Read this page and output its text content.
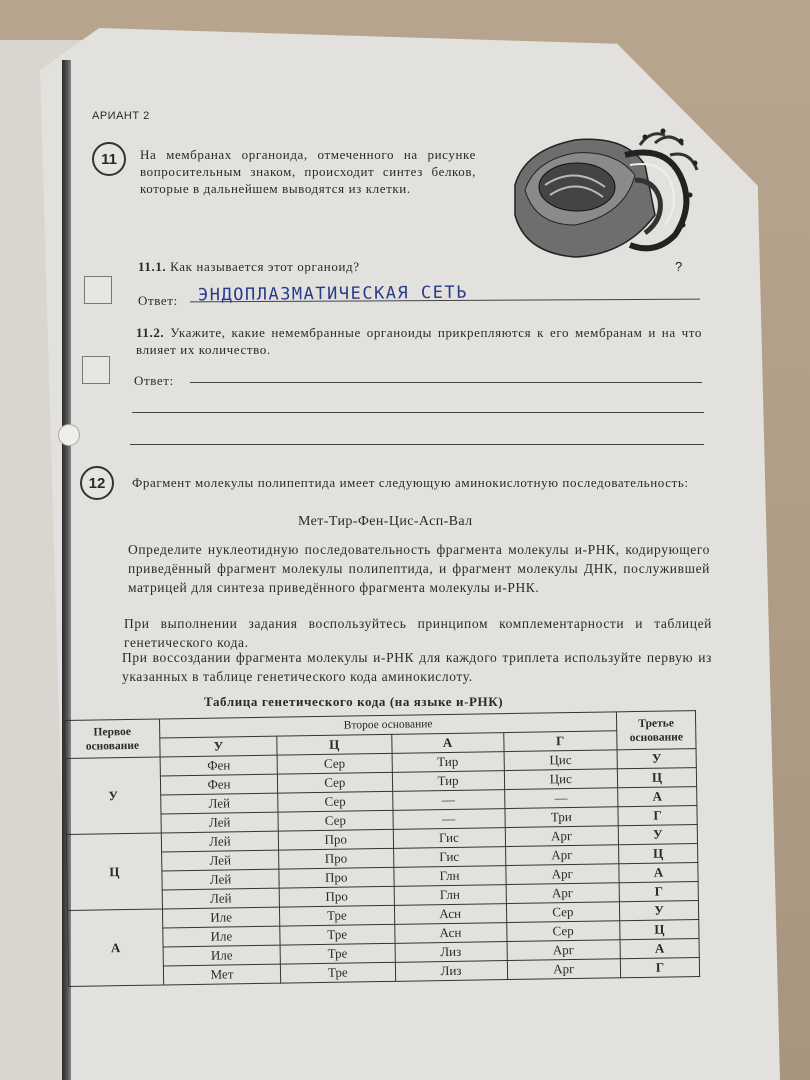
АРИАНТ 2
11	На мембранах органоида, отмеченного на рисунке вопросительным знаком, происходит синтез белков, которые в дальнейшем выводятся из клетки.
?
11.1. Как называется этот органоид?
Ответ: ЭНДОПЛАЗМАТИЧЕСКАЯ СЕТЬ
11.2. Укажите, какие немембранные органоиды прикрепляются к его мембранам и на что влияет их количество.
Ответ:
12	Фрагмент молекулы полипептида имеет следующую аминокислотную последовательность:
Мет-Тир-Фен-Цис-Асп-Вал
Определите нуклеотидную последовательность фрагмента молекулы и-РНК, кодирующего приведённый фрагмент молекулы полипептида, и фрагмент молекулы ДНК, послужившей матрицей для синтеза приведённого фрагмента молекулы и-РНК.
При выполнении задания воспользуйтесь принципом комплементарности и таблицей генетического кода.
При воссоздании фрагмента молекулы и-РНК для каждого триплета используйте первую из указанных в таблице генетического кода аминокислоту.
Таблица генетического кода (на языке и-РНК)
Первое основание	Второе основание				Третье основание
	У	Ц	А	Г	
У	Фен	Сер	Тир	Цис	У
	Фен	Сер	Тир	Цис	Ц
	Лей	Сер	—	—	А
	Лей	Сер	—	Три	Г
Ц	Лей	Про	Гис	Арг	У
	Лей	Про	Гис	Арг	Ц
	Лей	Про	Глн	Арг	А
	Лей	Про	Глн	Арг	Г
А	Иле	Тре	Асн	Сер	У
	Иле	Тре	Асн	Сер	Ц
	Иле	Тре	Лиз	Арг	А
	Мет	Тре	Лиз	Арг	Г
